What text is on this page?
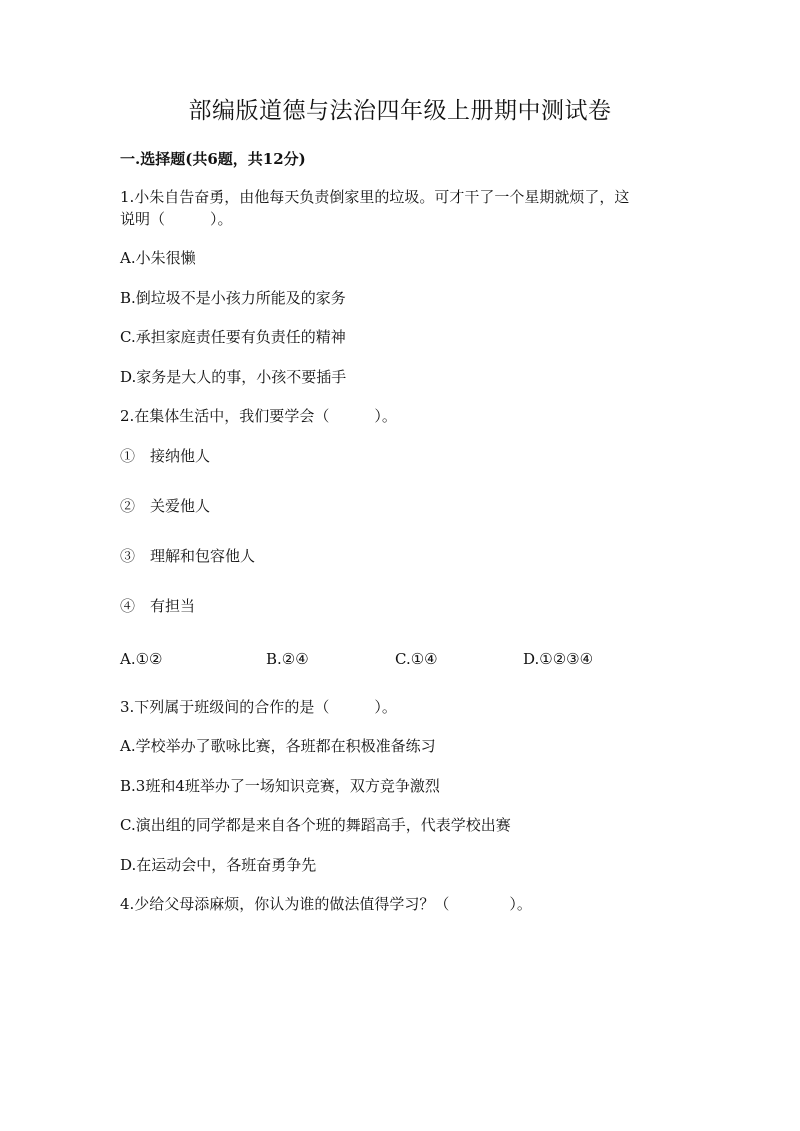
部编版道德与法治四年级上册期中测试卷
一.选择题(共6题，共12分)

1.小朱自告奋勇，由他每天负责倒家里的垃圾。可才干了一个星期就烦了，这

说明（　　　）。

A.小朱很懒

B.倒垃圾不是小孩力所能及的家务

C.承担家庭责任要有负责任的精神

D.家务是大人的事，小孩不要插手

2.在集体生活中，我们要学会（　　　）。

①　接纳他人

②　关爱他人

③　理解和包容他人

④　有担当

A.①②	B.②④	C.①④	D.①②③④

3.下列属于班级间的合作的是（　　　）。

A.学校举办了歌咏比赛，各班都在积极准备练习

B.3班和4班举办了一场知识竞赛，双方竞争激烈

C.演出组的同学都是来自各个班的舞蹈高手，代表学校出赛

D.在运动会中，各班奋勇争先

4.少给父母添麻烦，你认为谁的做法值得学习？（　　　　）。
